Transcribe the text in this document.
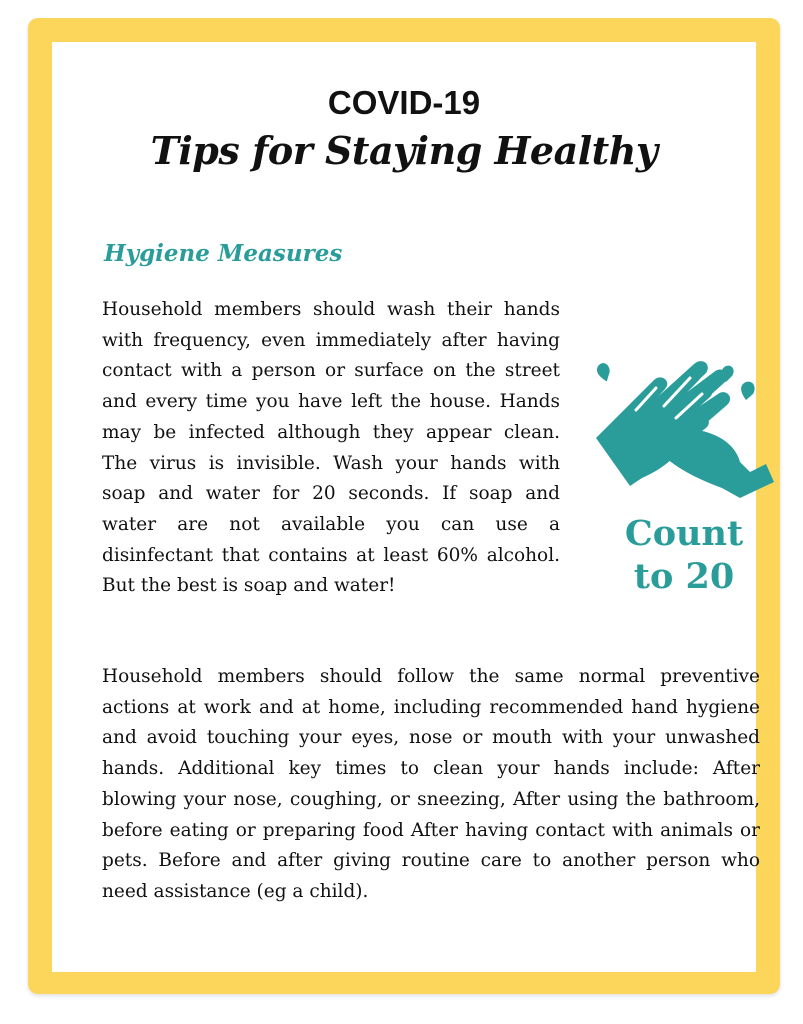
COVID-19
Tips for Staying Healthy
Hygiene Measures

Household members should wash their hands with frequency, even immediately after having contact with a person or surface on the street and every time you have left the house. Hands may be infected although they appear clean. The virus is invisible. Wash your hands with soap and water for 20 seconds. If soap and water are not available you can use a disinfectant that contains at least 60% alcohol. But the best is soap and water!

Count
to 20

Household members should follow the same normal preventive actions at work and at home, including recommended hand hygiene and avoid touching your eyes, nose or mouth with your unwashed hands. Additional key times to clean your hands include: After blowing your nose, coughing, or sneezing, After using the bathroom, before eating or preparing food After having contact with animals or pets. Before and after giving routine care to another person who need assistance (eg a child).
